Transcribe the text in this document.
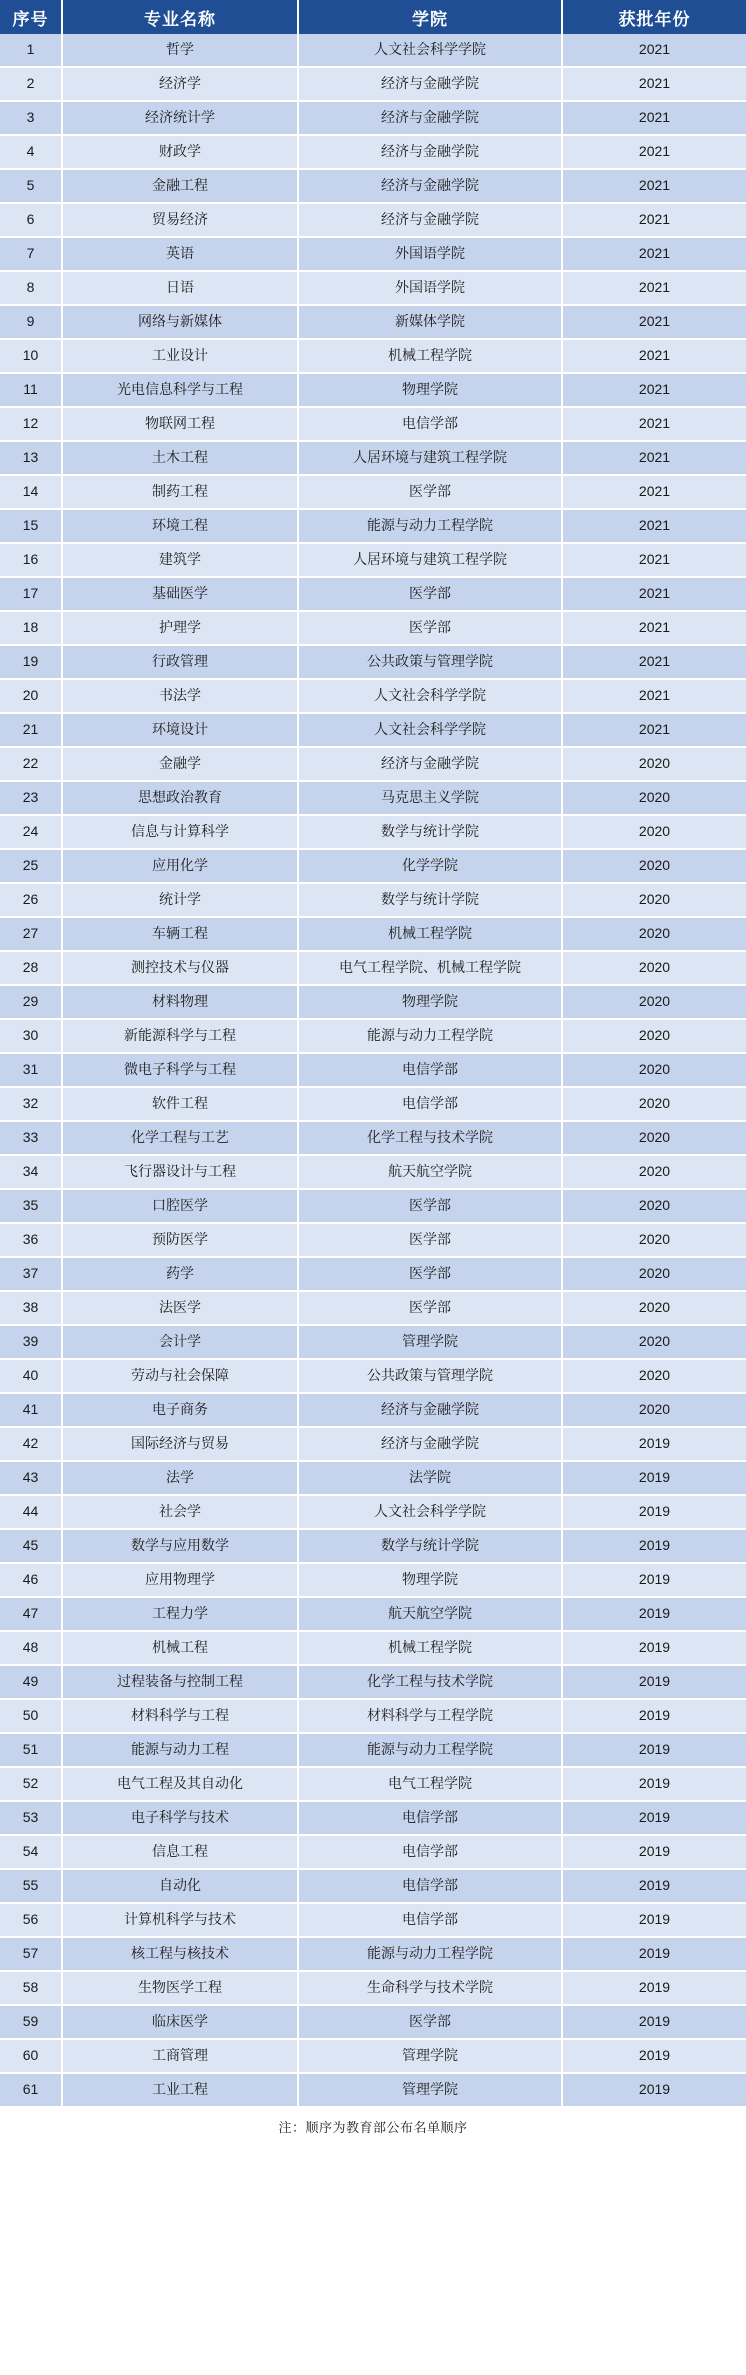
序号	专业名称	学院	获批年份
1	哲学	人文社会科学学院	2021
2	经济学	经济与金融学院	2021
3	经济统计学	经济与金融学院	2021
4	财政学	经济与金融学院	2021
5	金融工程	经济与金融学院	2021
6	贸易经济	经济与金融学院	2021
7	英语	外国语学院	2021
8	日语	外国语学院	2021
9	网络与新媒体	新媒体学院	2021
10	工业设计	机械工程学院	2021
11	光电信息科学与工程	物理学院	2021
12	物联网工程	电信学部	2021
13	土木工程	人居环境与建筑工程学院	2021
14	制药工程	医学部	2021
15	环境工程	能源与动力工程学院	2021
16	建筑学	人居环境与建筑工程学院	2021
17	基础医学	医学部	2021
18	护理学	医学部	2021
19	行政管理	公共政策与管理学院	2021
20	书法学	人文社会科学学院	2021
21	环境设计	人文社会科学学院	2021
22	金融学	经济与金融学院	2020
23	思想政治教育	马克思主义学院	2020
24	信息与计算科学	数学与统计学院	2020
25	应用化学	化学学院	2020
26	统计学	数学与统计学院	2020
27	车辆工程	机械工程学院	2020
28	测控技术与仪器	电气工程学院、机械工程学院	2020
29	材料物理	物理学院	2020
30	新能源科学与工程	能源与动力工程学院	2020
31	微电子科学与工程	电信学部	2020
32	软件工程	电信学部	2020
33	化学工程与工艺	化学工程与技术学院	2020
34	飞行器设计与工程	航天航空学院	2020
35	口腔医学	医学部	2020
36	预防医学	医学部	2020
37	药学	医学部	2020
38	法医学	医学部	2020
39	会计学	管理学院	2020
40	劳动与社会保障	公共政策与管理学院	2020
41	电子商务	经济与金融学院	2020
42	国际经济与贸易	经济与金融学院	2019
43	法学	法学院	2019
44	社会学	人文社会科学学院	2019
45	数学与应用数学	数学与统计学院	2019
46	应用物理学	物理学院	2019
47	工程力学	航天航空学院	2019
48	机械工程	机械工程学院	2019
49	过程装备与控制工程	化学工程与技术学院	2019
50	材料科学与工程	材料科学与工程学院	2019
51	能源与动力工程	能源与动力工程学院	2019
52	电气工程及其自动化	电气工程学院	2019
53	电子科学与技术	电信学部	2019
54	信息工程	电信学部	2019
55	自动化	电信学部	2019
56	计算机科学与技术	电信学部	2019
57	核工程与核技术	能源与动力工程学院	2019
58	生物医学工程	生命科学与技术学院	2019
59	临床医学	医学部	2019
60	工商管理	管理学院	2019
61	工业工程	管理学院	2019
注：顺序为教育部公布名单顺序
